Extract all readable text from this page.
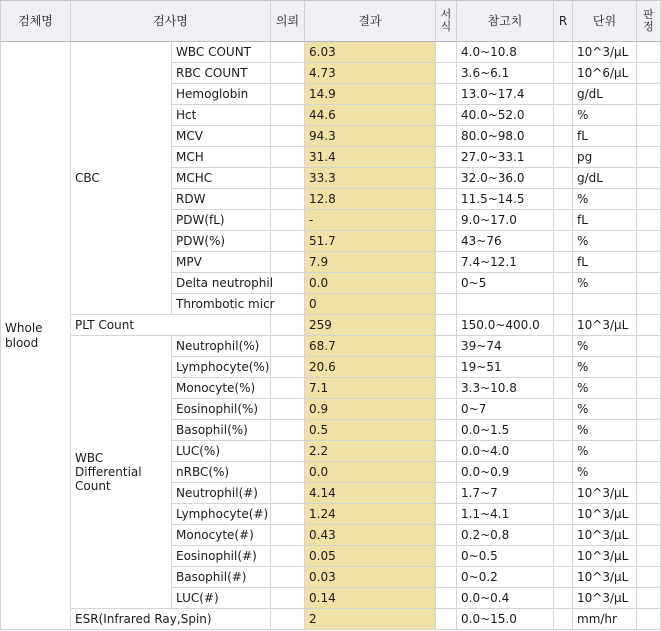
검체명	검사명		의뢰	결과	서식	참고치	R	단위	판정
Whole
blood	CBC	WBC COUNT		6.03		4.0~10.8		10^3/μL	
		RBC COUNT		4.73		3.6~6.1		10^6/μL	
		Hemoglobin		14.9		13.0~17.4		g/dL	
		Hct		44.6		40.0~52.0		%	
		MCV		94.3		80.0~98.0		fL	
		MCH		31.4		27.0~33.1		pg	
		MCHC		33.3		32.0~36.0		g/dL	
		RDW		12.8		11.5~14.5		%	
		PDW(fL)		-		9.0~17.0		fL	
		PDW(%)		51.7		43~76		%	
		MPV		7.9		7.4~12.1		fL	
		Delta neutrophil		0.0		0~5		%	
		Thrombotic micr		0					
	PLT Count			259		150.0~400.0		10^3/μL	
	WBC
Differential
Count	Neutrophil(%)		68.7		39~74		%	
		Lymphocyte(%)		20.6		19~51		%	
		Monocyte(%)		7.1		3.3~10.8		%	
		Eosinophil(%)		0.9		0~7		%	
		Basophil(%)		0.5		0.0~1.5		%	
		LUC(%)		2.2		0.0~4.0		%	
		nRBC(%)		0.0		0.0~0.9		%	
		Neutrophil(#)		4.14		1.7~7		10^3/μL	
		Lymphocyte(#)		1.24		1.1~4.1		10^3/μL	
		Monocyte(#)		0.43		0.2~0.8		10^3/μL	
		Eosinophil(#)		0.05		0~0.5		10^3/μL	
		Basophil(#)		0.03		0~0.2		10^3/μL	
		LUC(#)		0.14		0.0~0.4		10^3/μL	
	ESR(Infrared Ray,Spin)			2		0.0~15.0		mm/hr	
